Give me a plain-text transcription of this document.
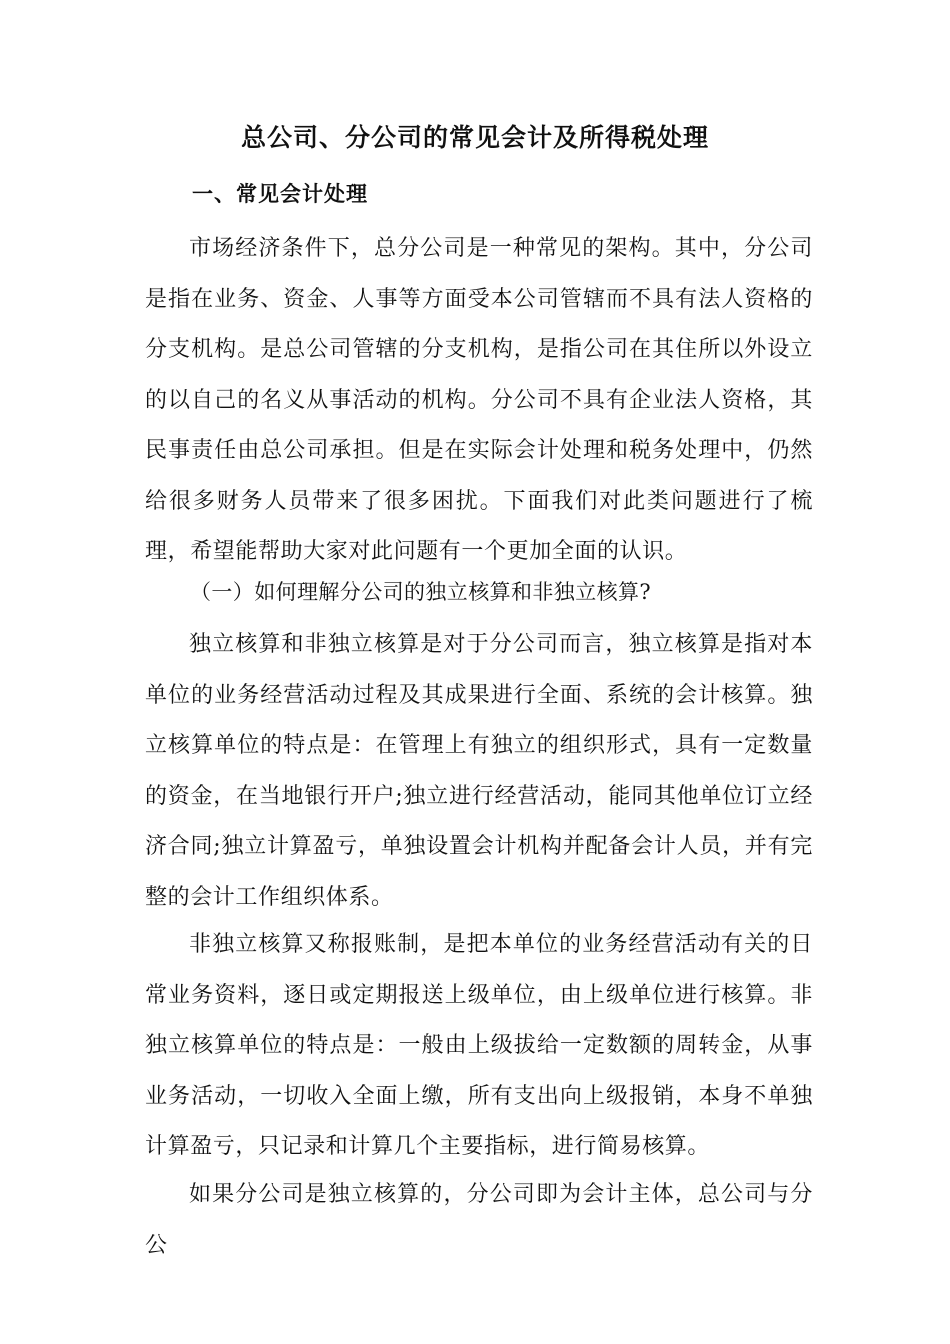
总公司、分公司的常见会计及所得税处理
一、常见会计处理

市场经济条件下，总分公司是一种常见的架构。其中，分公司是指在业务、资金、人事等方面受本公司管辖而不具有法人资格的分支机构。是总公司管辖的分支机构，是指公司在其住所以外设立的以自己的名义从事活动的机构。分公司不具有企业法人资格，其民事责任由总公司承担。但是在实际会计处理和税务处理中，仍然给很多财务人员带来了很多困扰。下面我们对此类问题进行了梳理，希望能帮助大家对此问题有一个更加全面的认识。

（一）如何理解分公司的独立核算和非独立核算?

独立核算和非独立核算是对于分公司而言，独立核算是指对本单位的业务经营活动过程及其成果进行全面、系统的会计核算。独立核算单位的特点是：在管理上有独立的组织形式，具有一定数量的资金，在当地银行开户;独立进行经营活动，能同其他单位订立经济合同;独立计算盈亏，单独设置会计机构并配备会计人员，并有完整的会计工作组织体系。

非独立核算又称报账制，是把本单位的业务经营活动有关的日常业务资料，逐日或定期报送上级单位，由上级单位进行核算。非独立核算单位的特点是：一般由上级拔给一定数额的周转金，从事业务活动，一切收入全面上缴，所有支出向上级报销，本身不单独计算盈亏，只记录和计算几个主要指标，进行简易核算。

如果分公司是独立核算的，分公司即为会计主体，总公司与分公
